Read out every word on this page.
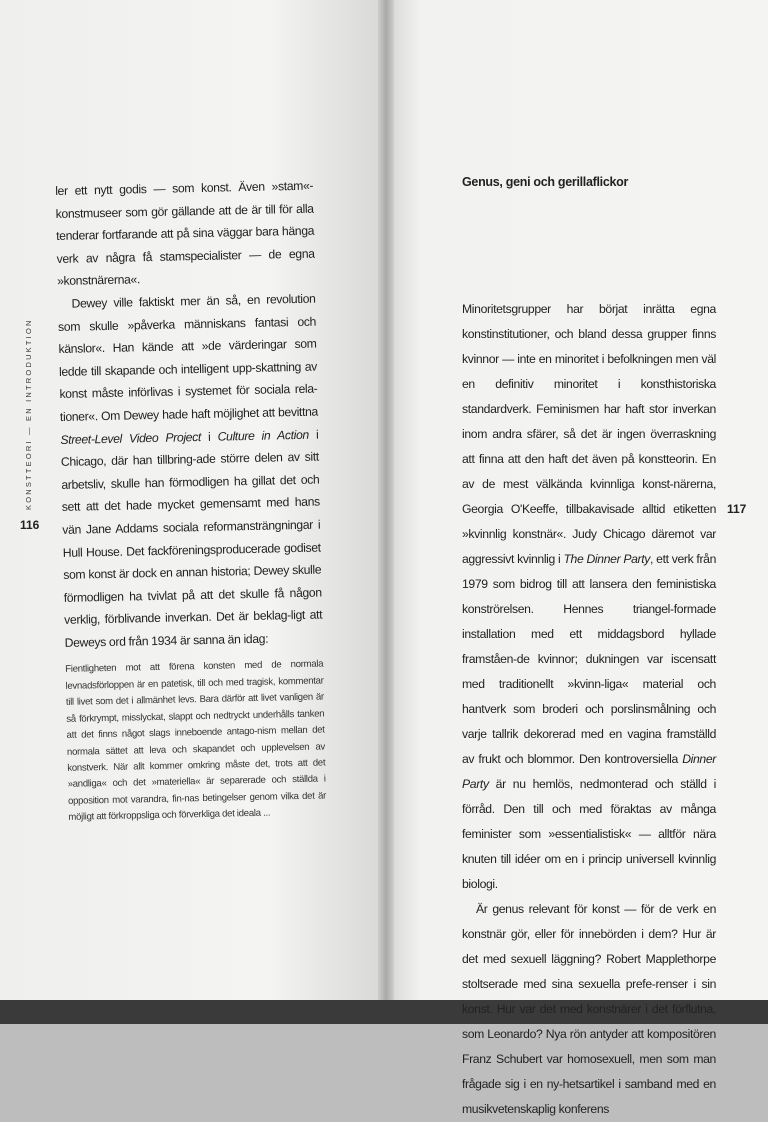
KONSTTEORI — EN INTRODUKTION
116

ler ett nytt godis — som konst. Även »stam«-konstmuseer som gör gällande att de är till för alla tenderar fortfarande att på sina väggar bara hänga verk av några få stamspecialister — de egna »konstnärerna«.

Dewey ville faktiskt mer än så, en revolution som skulle »påverka människans fantasi och känslor«. Han kände att »de värderingar som ledde till skapande och intelligent upp-skattning av konst måste införlivas i systemet för sociala rela-tioner«. Om Dewey hade haft möjlighet att bevittna Street-Level Video Project i Culture in Action i Chicago, där han tillbring-ade större delen av sitt arbetsliv, skulle han förmodligen ha gillat det och sett att det hade mycket gemensamt med hans vän Jane Addams sociala reformansträngningar i Hull House. Det fackföreningsproducerade godiset som konst är dock en annan historia; Dewey skulle förmodligen ha tvivlat på att det skulle få någon verklig, förblivande inverkan. Det är beklag-ligt att Deweys ord från 1934 är sanna än idag:

Fientligheten mot att förena konsten med de normala levnadsförloppen är en patetisk, till och med tragisk, kommentar till livet som det i allmänhet levs. Bara därför att livet vanligen är så förkrympt, misslyckat, slappt och nedtryckt underhålls tanken att det finns något slags inneboende antago-nism mellan det normala sättet att leva och skapandet och upplevelsen av konstverk. När allt kommer omkring måste det, trots att det »andliga« och det »materiella« är separerade och ställda i opposition mot varandra, fin-nas betingelser genom vilka det är möjligt att förkroppsliga och förverkliga det ideala ...

Genus, geni och gerillaflickor

Minoritetsgrupper har börjat inrätta egna konstinstitutioner, och bland dessa grupper finns kvinnor — inte en minoritet i befolkningen men väl en definitiv minoritet i konsthistoriska standardverk. Feminismen har haft stor inverkan inom andra sfärer, så det är ingen överraskning att finna att den haft det även på konstteorin. En av de mest välkända kvinnliga konst-närerna, Georgia O'Keeffe, tillbakavisade alltid etiketten »kvinnlig konstnär«. Judy Chicago däremot var aggressivt kvinnlig i The Dinner Party, ett verk från 1979 som bidrog till att lansera den feministiska konströrelsen. Hennes triangel-formade installation med ett middagsbord hyllade framståen-de kvinnor; dukningen var iscensatt med traditionellt »kvinn-liga« material och hantverk som broderi och porslinsmålning och varje tallrik dekorerad med en vagina framställd av frukt och blommor. Den kontroversiella Dinner Party är nu hemlös, nedmonterad och ställd i förråd. Den till och med föraktas av många feminister som »essentialistisk« — alltför nära knuten till idéer om en i princip universell kvinnlig biologi.

Är genus relevant för konst — för de verk en konstnär gör, eller för innebörden i dem? Hur är det med sexuell läggning? Robert Mapplethorpe stoltserade med sina sexuella prefe-renser i sin konst. Hur var det med konstnärer i det förflutna, som Leonardo? Nya rön antyder att kompositören Franz Schubert var homosexuell, men som man frågade sig i en ny-hetsartikel i samband med en musikvetenskaplig konferens

117
